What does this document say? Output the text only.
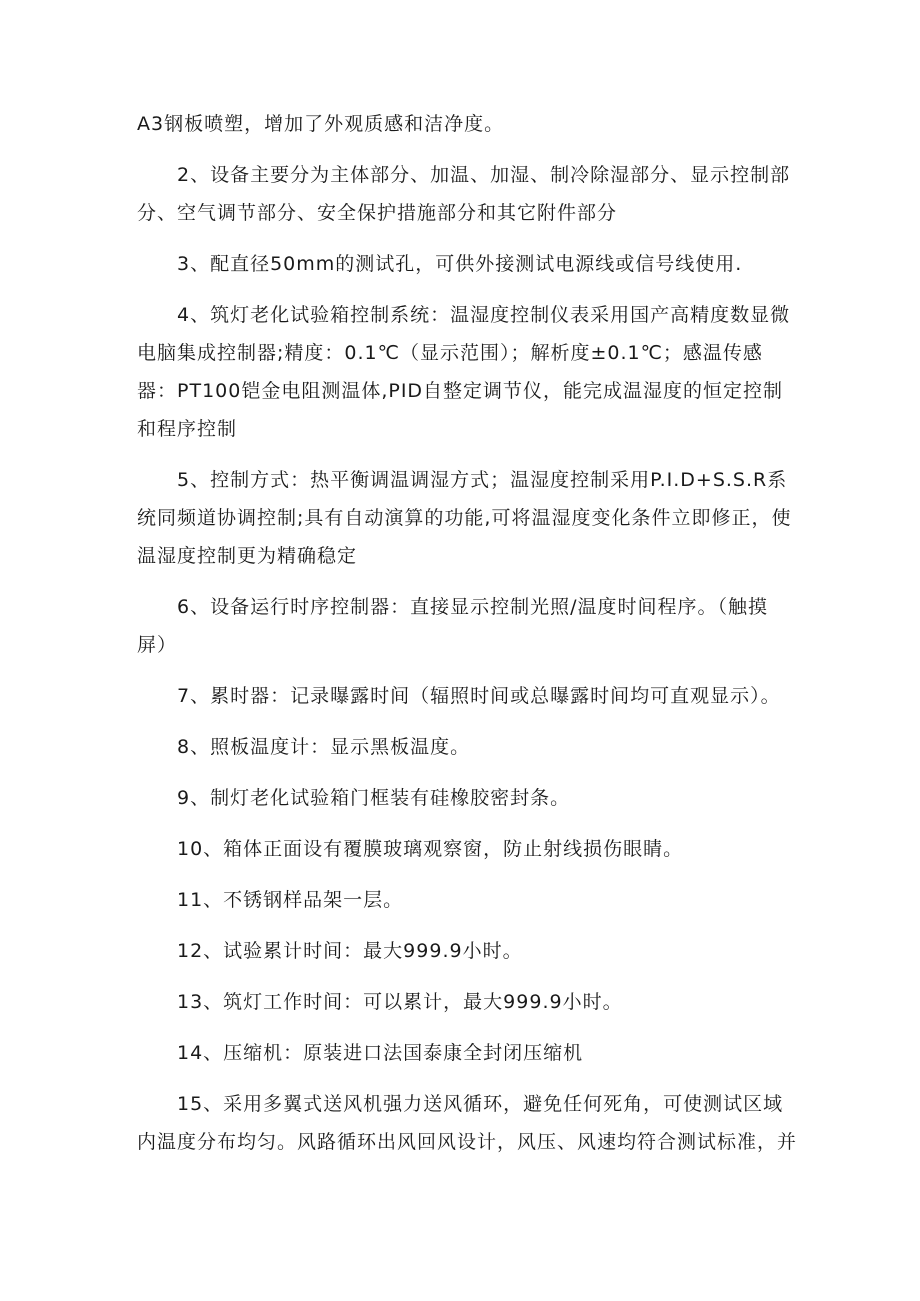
A3钢板喷塑，增加了外观质感和洁净度。

2、设备主要分为主体部分、加温、加湿、制冷除湿部分、显示控制部分、空气调节部分、安全保护措施部分和其它附件部分

3、配直径50mm的测试孔，可供外接测试电源线或信号线使用.

4、筑灯老化试验箱控制系统：温湿度控制仪表采用国产高精度数显微电脑集成控制器;精度：0.1℃（显示范围）；解析度±0.1℃；感温传感器：PT100铠金电阻测温体,PID自整定调节仪，能完成温湿度的恒定控制和程序控制

5、控制方式：热平衡调温调湿方式；温湿度控制采用P.I.D+S.S.R系统同频道协调控制;具有自动演算的功能,可将温湿度变化条件立即修正，使温湿度控制更为精确稳定

6、设备运行时序控制器：直接显示控制光照/温度时间程序。（触摸屏）

7、累时器：记录曝露时间（辐照时间或总曝露时间均可直观显示）。

8、照板温度计：显示黑板温度。

9、制灯老化试验箱门框装有硅橡胶密封条。

10、箱体正面设有覆膜玻璃观察窗，防止射线损伤眼睛。

11、不锈钢样品架一层。

12、试验累计时间：最大999.9小时。

13、筑灯工作时间：可以累计，最大999.9小时。

14、压缩机：原装进口法国泰康全封闭压缩机

15、采用多翼式送风机强力送风循环，避免任何死角，可使测试区域内温度分布均匀。风路循环出风回风设计，风压、风速均符合测试标准，并
